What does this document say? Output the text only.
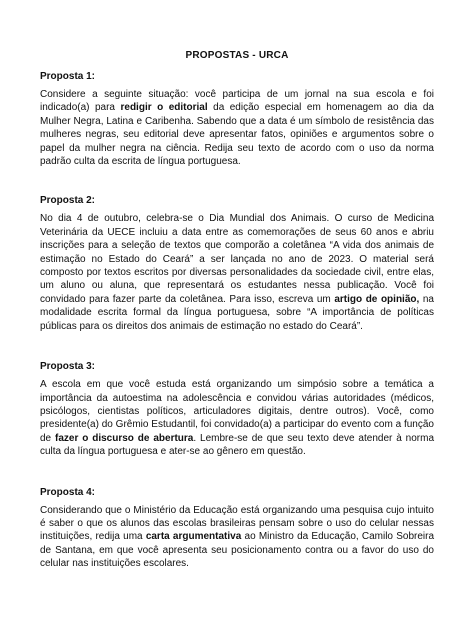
PROPOSTAS - URCA
Proposta 1:

Considere a seguinte situação: você participa de um jornal na sua escola e foi indicado(a) para redigir o editorial da edição especial em homenagem ao dia da Mulher Negra, Latina e Caribenha. Sabendo que a data é um símbolo de resistência das mulheres negras, seu editorial deve apresentar fatos, opiniões e argumentos sobre o papel da mulher negra na ciência. Redija seu texto de acordo com o uso da norma padrão culta da escrita de língua portuguesa.

Proposta 2:

No dia 4 de outubro, celebra-se o Dia Mundial dos Animais. O curso de Medicina Veterinária da UECE incluiu a data entre as comemorações de seus 60 anos e abriu inscrições para a seleção de textos que comporão a coletânea “A vida dos animais de estimação no Estado do Ceará” a ser lançada no ano de 2023. O material será composto por textos escritos por diversas personalidades da sociedade civil, entre elas, um aluno ou aluna, que representará os estudantes nessa publicação. Você foi convidado para fazer parte da coletânea. Para isso, escreva um artigo de opinião, na modalidade escrita formal da língua portuguesa, sobre “A importância de políticas públicas para os direitos dos animais de estimação no estado do Ceará”.

Proposta 3:

A escola em que você estuda está organizando um simpósio sobre a temática a importância da autoestima na adolescência e convidou várias autoridades (médicos, psicólogos, cientistas políticos, articuladores digitais, dentre outros). Você, como presidente(a) do Grêmio Estudantil, foi convidado(a) a participar do evento com a função de fazer o discurso de abertura. Lembre-se de que seu texto deve atender à norma culta da língua portuguesa e ater-se ao gênero em questão.

Proposta 4:

Considerando que o Ministério da Educação está organizando uma pesquisa cujo intuito é saber o que os alunos das escolas brasileiras pensam sobre o uso do celular nessas instituições, redija uma carta argumentativa ao Ministro da Educação, Camilo Sobreira de Santana, em que você apresenta seu posicionamento contra ou a favor do uso do celular nas instituições escolares.
